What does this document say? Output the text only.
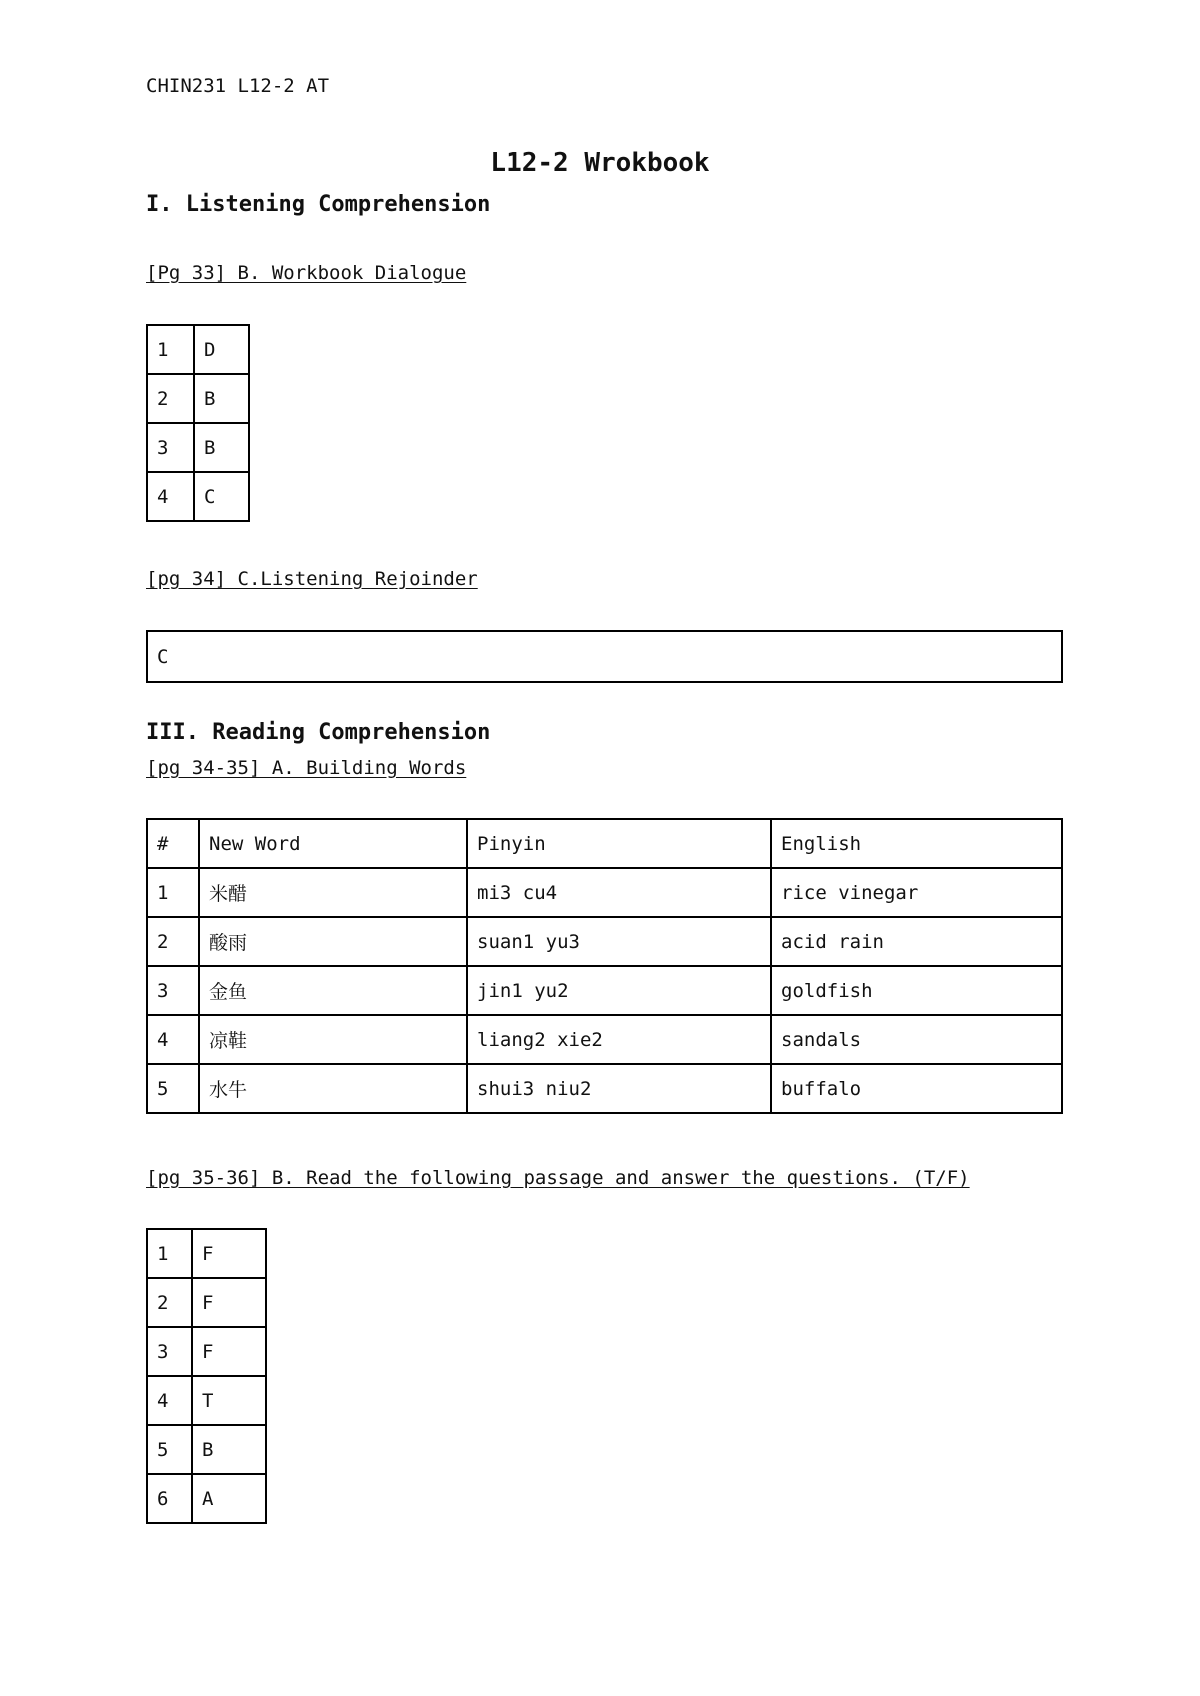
CHIN231 L12-2 AT
L12-2 Wrokbook
I. Listening Comprehension
[Pg 33] B. Workbook Dialogue
1	D
2	B
3	B
4	C
[pg 34] C.Listening Rejoinder
C
III. Reading Comprehension
[pg 34-35] A. Building Words
#	New Word	Pinyin	English
1	米醋	mi3 cu4	rice vinegar
2	酸雨	suan1 yu3	acid rain
3	金鱼	jin1 yu2	goldfish
4	凉鞋	liang2 xie2	sandals
5	水牛	shui3 niu2	buffalo
[pg 35-36] B. Read the following passage and answer the questions. (T/F)
1	F
2	F
3	F
4	T
5	B
6	A
